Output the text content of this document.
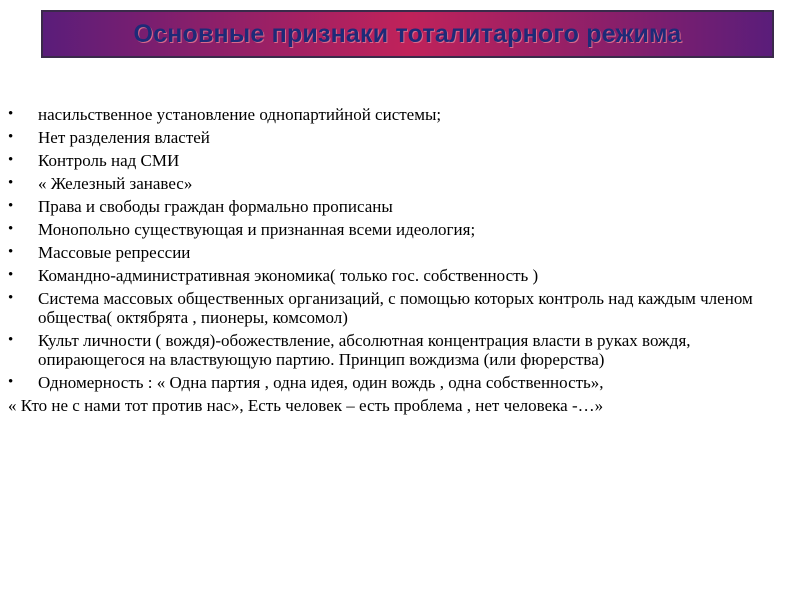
Основные признаки тоталитарного режима
• насильственное установление однопартийной системы;
• Нет разделения властей
• Контроль над СМИ
• « Железный занавес»
• Права и свободы граждан формально прописаны
• Монопольно существующая и признанная всеми идеология;
• Массовые репрессии
• Командно-административная экономика( только гос. собственность )
• Система массовых общественных организаций, с помощью которых контроль над каждым членом общества( октябрята , пионеры, комсомол)
• Культ личности ( вождя)-обожествление, абсолютная концентрация власти в руках вождя, опирающегося на властвующую партию. Принцип вождизма (или фюрерства)
• Одномерность : « Одна партия , одна идея, один вождь , одна собственность»,
« Кто не с нами тот против нас», Есть человек – есть проблема , нет человека -…»
